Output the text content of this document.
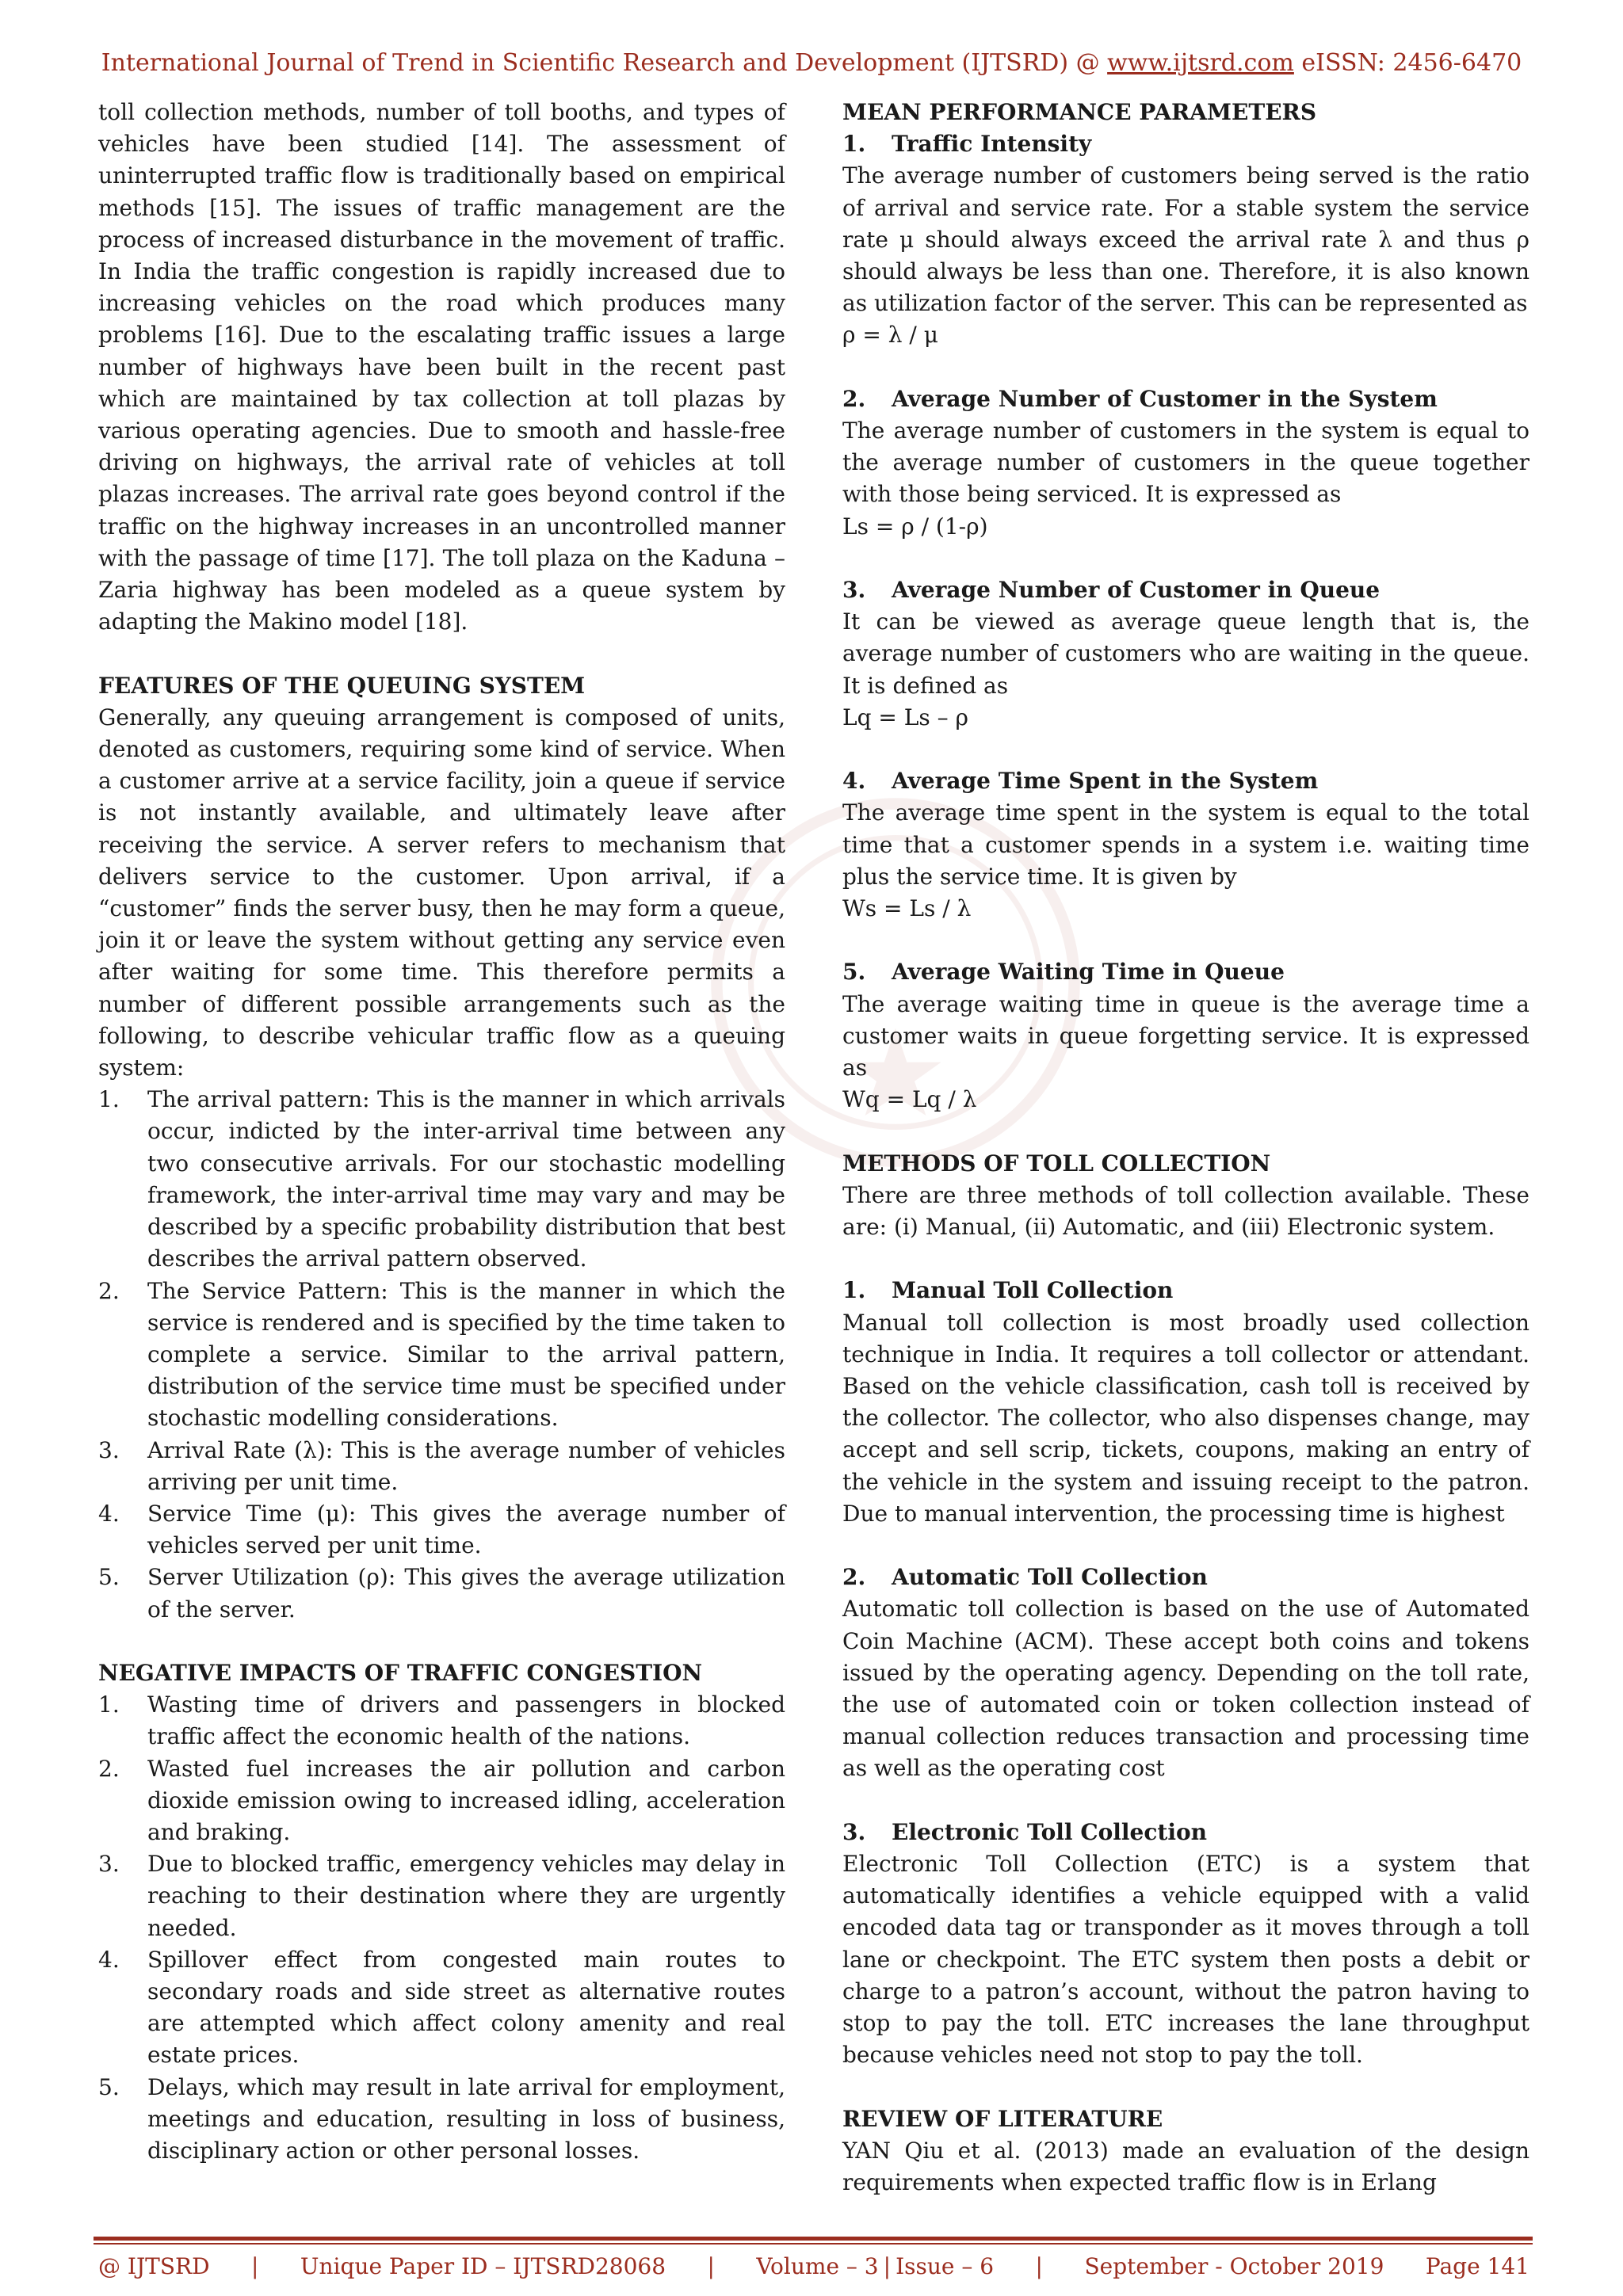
International Journal of Trend in Scientific Research and Development (IJTSRD) @ www.ijtsrd.com eISSN: 2456-6470

toll collection methods, number of toll booths, and types of vehicles have been studied [14]. The assessment of uninterrupted traffic flow is traditionally based on empirical methods [15]. The issues of traffic management are the process of increased disturbance in the movement of traffic. In India the traffic congestion is rapidly increased due to increasing vehicles on the road which produces many problems [16]. Due to the escalating traffic issues a large number of highways have been built in the recent past which are maintained by tax collection at toll plazas by various operating agencies. Due to smooth and hassle-free driving on highways, the arrival rate of vehicles at toll plazas increases. The arrival rate goes beyond control if the traffic on the highway increases in an uncontrolled manner with the passage of time [17]. The toll plaza on the Kaduna – Zaria highway has been modeled as a queue system by adapting the Makino model [18].

FEATURES OF THE QUEUING SYSTEM

Generally, any queuing arrangement is composed of units, denoted as customers, requiring some kind of service. When a customer arrive at a service facility, join a queue if service is not instantly available, and ultimately leave after receiving the service. A server refers to mechanism that delivers service to the customer. Upon arrival, if a “customer” finds the server busy, then he may form a queue, join it or leave the system without getting any service even after waiting for some time. This therefore permits a number of different possible arrangements such as the following, to describe vehicular traffic flow as a queuing system:

1.	The arrival pattern: This is the manner in which arrivals occur, indicted by the inter-arrival time between any two consecutive arrivals. For our stochastic modelling framework, the inter-arrival time may vary and may be described by a specific probability distribution that best describes the arrival pattern observed.
2.	The Service Pattern: This is the manner in which the service is rendered and is specified by the time taken to complete a service. Similar to the arrival pattern, distribution of the service time must be specified under stochastic modelling considerations.
3.	Arrival Rate (λ): This is the average number of vehicles arriving per unit time.
4.	Service Time (μ): This gives the average number of vehicles served per unit time.
5.	Server Utilization (ρ): This gives the average utilization of the server.
NEGATIVE IMPACTS OF TRAFFIC CONGESTION
1.	Wasting time of drivers and passengers in blocked traffic affect the economic health of the nations.
2.	Wasted fuel increases the air pollution and carbon dioxide emission owing to increased idling, acceleration and braking.
3.	Due to blocked traffic, emergency vehicles may delay in reaching to their destination where they are urgently needed.
4.	Spillover effect from congested main routes to secondary roads and side street as alternative routes are attempted which affect colony amenity and real estate prices.
5.	Delays, which may result in late arrival for employment, meetings and education, resulting in loss of business, disciplinary action or other personal losses.
MEAN PERFORMANCE PARAMETERS
1. Traffic Intensity

The average number of customers being served is the ratio of arrival and service rate. For a stable system the service rate μ should always exceed the arrival rate λ and thus ρ should always be less than one. Therefore, it is also known as utilization factor of the server. This can be represented as

ρ = λ / μ

2. Average Number of Customer in the System

The average number of customers in the system is equal to the average number of customers in the queue together with those being serviced. It is expressed as

Ls = ρ / (1-ρ)

3. Average Number of Customer in Queue

It can be viewed as average queue length that is, the average number of customers who are waiting in the queue. It is defined as

Lq = Ls – ρ

4. Average Time Spent in the System

The average time spent in the system is equal to the total time that a customer spends in a system i.e. waiting time plus the service time. It is given by

Ws = Ls / λ

5. Average Waiting Time in Queue

The average waiting time in queue is the average time a customer waits in queue forgetting service. It is expressed as

Wq = Lq / λ

METHODS OF TOLL COLLECTION

There are three methods of toll collection available. These are: (i) Manual, (ii) Automatic, and (iii) Electronic system.

1. Manual Toll Collection

Manual toll collection is most broadly used collection technique in India. It requires a toll collector or attendant. Based on the vehicle classification, cash toll is received by the collector. The collector, who also dispenses change, may accept and sell scrip, tickets, coupons, making an entry of the vehicle in the system and issuing receipt to the patron. Due to manual intervention, the processing time is highest

2. Automatic Toll Collection

Automatic toll collection is based on the use of Automated Coin Machine (ACM). These accept both coins and tokens issued by the operating agency. Depending on the toll rate, the use of automated coin or token collection instead of manual collection reduces transaction and processing time as well as the operating cost

3. Electronic Toll Collection

Electronic Toll Collection (ETC) is a system that automatically identifies a vehicle equipped with a valid encoded data tag or transponder as it moves through a toll lane or checkpoint. The ETC system then posts a debit or charge to a patron’s account, without the patron having to stop to pay the toll. ETC increases the lane throughput because vehicles need not stop to pay the toll.

REVIEW OF LITERATURE

YAN Qiu et al. (2013) made an evaluation of the design requirements when expected traffic flow is in Erlang

@ IJTSRD | Unique Paper ID – IJTSRD28068 | Volume – 3 | Issue – 6 | September - October 2019 Page 141
